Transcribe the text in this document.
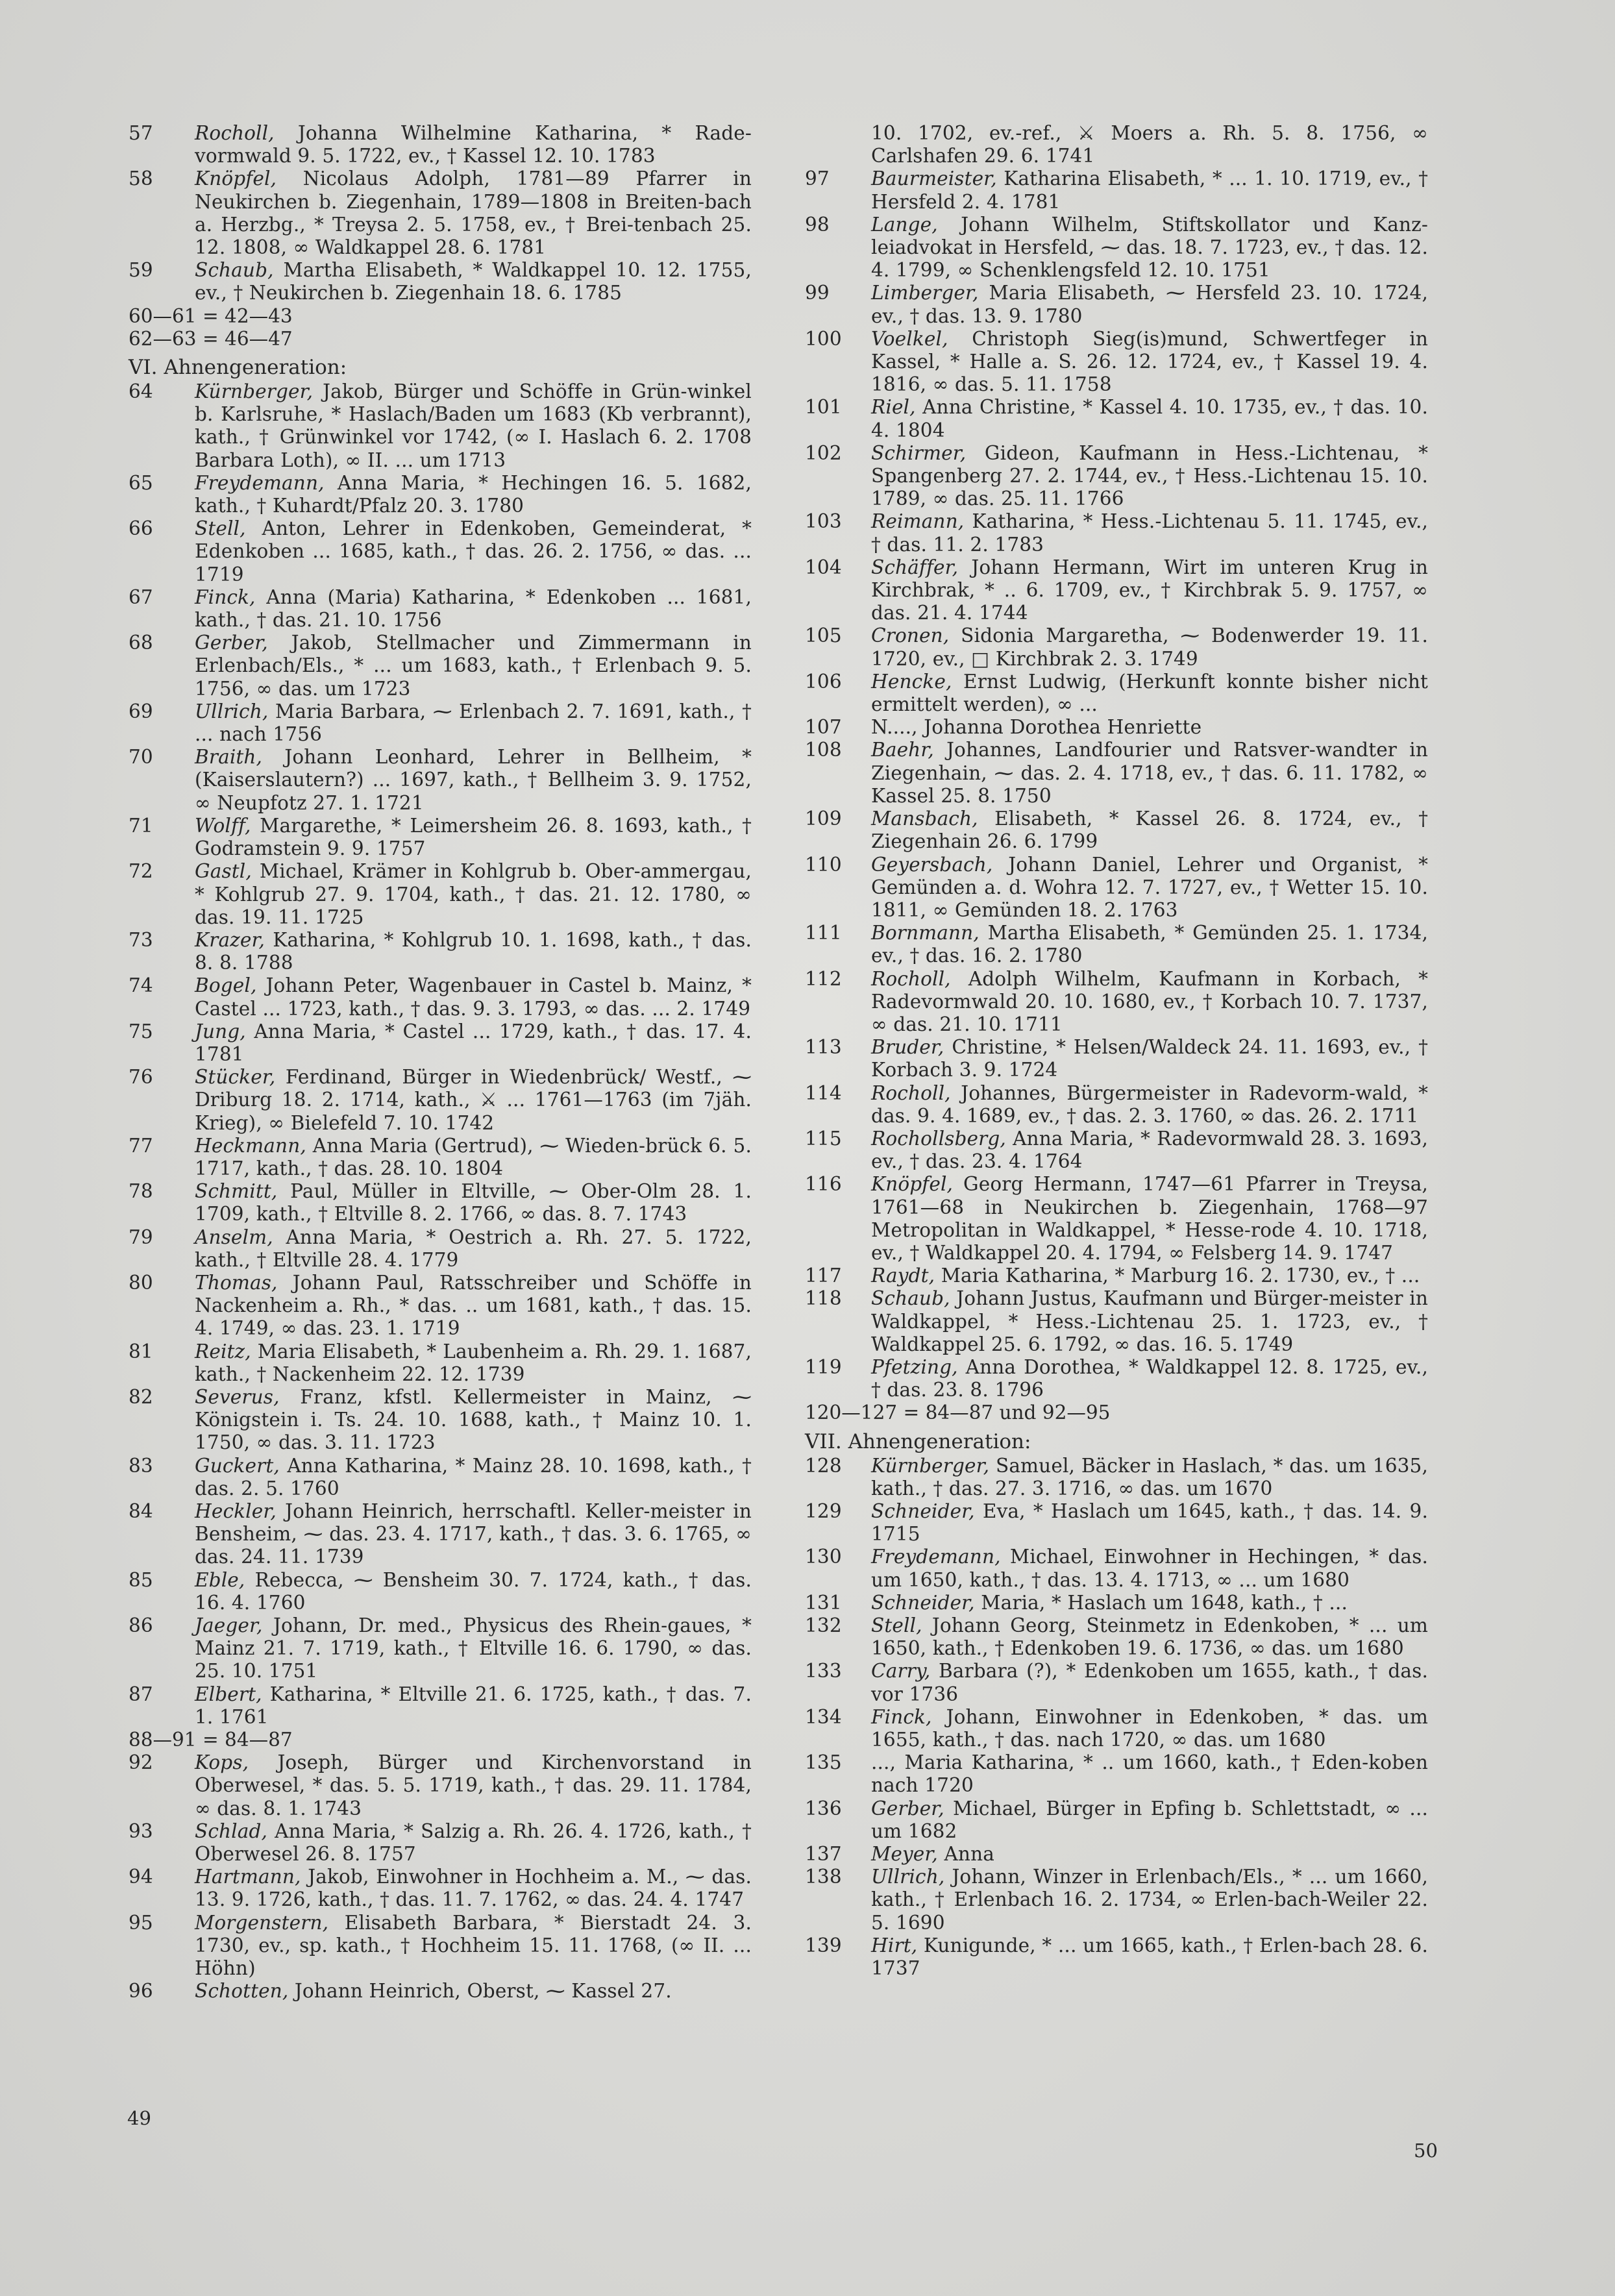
57	Rocholl, Johanna Wilhelmine Katharina, * Rade-vormwald 9. 5. 1722, ev., † Kassel 12. 10. 1783
58	Knöpfel, Nicolaus Adolph, 1781—89 Pfarrer in Neukirchen b. Ziegenhain, 1789—1808 in Breiten-bach a. Herzbg., * Treysa 2. 5. 1758, ev., † Brei-tenbach 25. 12. 1808, ∞ Waldkappel 28. 6. 1781
59	Schaub, Martha Elisabeth, * Waldkappel 10. 12. 1755, ev., † Neukirchen b. Ziegenhain 18. 6. 1785
60—61 = 42—43
62—63 = 46—47
VI. Ahnengeneration:
64	Kürnberger, Jakob, Bürger und Schöffe in Grün-winkel b. Karlsruhe, * Haslach/Baden um 1683 (Kb verbrannt), kath., † Grünwinkel vor 1742, (∞ I. Haslach 6. 2. 1708 Barbara Loth), ∞ II. ... um 1713
65	Freydemann, Anna Maria, * Hechingen 16. 5. 1682, kath., † Kuhardt/Pfalz 20. 3. 1780
66	Stell, Anton, Lehrer in Edenkoben, Gemeinderat, * Edenkoben ... 1685, kath., † das. 26. 2. 1756, ∞ das. ... 1719
67	Finck, Anna (Maria) Katharina, * Edenkoben ... 1681, kath., † das. 21. 10. 1756
68	Gerber, Jakob, Stellmacher und Zimmermann in Erlenbach/Els., * ... um 1683, kath., † Erlenbach 9. 5. 1756, ∞ das. um 1723
69	Ullrich, Maria Barbara, ⁓ Erlenbach 2. 7. 1691, kath., † ... nach 1756
70	Braith, Johann Leonhard, Lehrer in Bellheim, * (Kaiserslautern?) ... 1697, kath., † Bellheim 3. 9. 1752, ∞ Neupfotz 27. 1. 1721
71	Wolff, Margarethe, * Leimersheim 26. 8. 1693, kath., † Godramstein 9. 9. 1757
72	Gastl, Michael, Krämer in Kohlgrub b. Ober-ammergau, * Kohlgrub 27. 9. 1704, kath., † das. 21. 12. 1780, ∞ das. 19. 11. 1725
73	Krazer, Katharina, * Kohlgrub 10. 1. 1698, kath., † das. 8. 8. 1788
74	Bogel, Johann Peter, Wagenbauer in Castel b. Mainz, * Castel ... 1723, kath., † das. 9. 3. 1793, ∞ das. ... 2. 1749
75	Jung, Anna Maria, * Castel ... 1729, kath., † das. 17. 4. 1781
76	Stücker, Ferdinand, Bürger in Wiedenbrück/ Westf., ⁓ Driburg 18. 2. 1714, kath., ⚔ ... 1761—1763 (im 7jäh. Krieg), ∞ Bielefeld 7. 10. 1742
77	Heckmann, Anna Maria (Gertrud), ⁓ Wieden-brück 6. 5. 1717, kath., † das. 28. 10. 1804
78	Schmitt, Paul, Müller in Eltville, ⁓ Ober-Olm 28. 1. 1709, kath., † Eltville 8. 2. 1766, ∞ das. 8. 7. 1743
79	Anselm, Anna Maria, * Oestrich a. Rh. 27. 5. 1722, kath., † Eltville 28. 4. 1779
80	Thomas, Johann Paul, Ratsschreiber und Schöffe in Nackenheim a. Rh., * das. .. um 1681, kath., † das. 15. 4. 1749, ∞ das. 23. 1. 1719
81	Reitz, Maria Elisabeth, * Laubenheim a. Rh. 29. 1. 1687, kath., † Nackenheim 22. 12. 1739
82	Severus, Franz, kfstl. Kellermeister in Mainz, ⁓ Königstein i. Ts. 24. 10. 1688, kath., † Mainz 10. 1. 1750, ∞ das. 3. 11. 1723
83	Guckert, Anna Katharina, * Mainz 28. 10. 1698, kath., † das. 2. 5. 1760
84	Heckler, Johann Heinrich, herrschaftl. Keller-meister in Bensheim, ⁓ das. 23. 4. 1717, kath., † das. 3. 6. 1765, ∞ das. 24. 11. 1739
85	Eble, Rebecca, ⁓ Bensheim 30. 7. 1724, kath., † das. 16. 4. 1760
86	Jaeger, Johann, Dr. med., Physicus des Rhein-gaues, * Mainz 21. 7. 1719, kath., † Eltville 16. 6. 1790, ∞ das. 25. 10. 1751
87	Elbert, Katharina, * Eltville 21. 6. 1725, kath., † das. 7. 1. 1761
88—91 = 84—87
92	Kops, Joseph, Bürger und Kirchenvorstand in Oberwesel, * das. 5. 5. 1719, kath., † das. 29. 11. 1784, ∞ das. 8. 1. 1743
93	Schlad, Anna Maria, * Salzig a. Rh. 26. 4. 1726, kath., † Oberwesel 26. 8. 1757
94	Hartmann, Jakob, Einwohner in Hochheim a. M., ⁓ das. 13. 9. 1726, kath., † das. 11. 7. 1762, ∞ das. 24. 4. 1747
95	Morgenstern, Elisabeth Barbara, * Bierstadt 24. 3. 1730, ev., sp. kath., † Hochheim 15. 11. 1768, (∞ II. ... Höhn)
96	Schotten, Johann Heinrich, Oberst, ⁓ Kassel 27.
10. 1702, ev.-ref., ⚔ Moers a. Rh. 5. 8. 1756, ∞ Carlshafen 29. 6. 1741
97	Baurmeister, Katharina Elisabeth, * ... 1. 10. 1719, ev., † Hersfeld 2. 4. 1781
98	Lange, Johann Wilhelm, Stiftskollator und Kanz-leiadvokat in Hersfeld, ⁓ das. 18. 7. 1723, ev., † das. 12. 4. 1799, ∞ Schenklengsfeld 12. 10. 1751
99	Limberger, Maria Elisabeth, ⁓ Hersfeld 23. 10. 1724, ev., † das. 13. 9. 1780
100	Voelkel, Christoph Sieg(is)mund, Schwertfeger in Kassel, * Halle a. S. 26. 12. 1724, ev., † Kassel 19. 4. 1816, ∞ das. 5. 11. 1758
101	Riel, Anna Christine, * Kassel 4. 10. 1735, ev., † das. 10. 4. 1804
102	Schirmer, Gideon, Kaufmann in Hess.-Lichtenau, * Spangenberg 27. 2. 1744, ev., † Hess.-Lichtenau 15. 10. 1789, ∞ das. 25. 11. 1766
103	Reimann, Katharina, * Hess.-Lichtenau 5. 11. 1745, ev., † das. 11. 2. 1783
104	Schäffer, Johann Hermann, Wirt im unteren Krug in Kirchbrak, * .. 6. 1709, ev., † Kirchbrak 5. 9. 1757, ∞ das. 21. 4. 1744
105	Cronen, Sidonia Margaretha, ⁓ Bodenwerder 19. 11. 1720, ev., □ Kirchbrak 2. 3. 1749
106	Hencke, Ernst Ludwig, (Herkunft konnte bisher nicht ermittelt werden), ∞ ...
107	N...., Johanna Dorothea Henriette
108	Baehr, Johannes, Landfourier und Ratsver-wandter in Ziegenhain, ⁓ das. 2. 4. 1718, ev., † das. 6. 11. 1782, ∞ Kassel 25. 8. 1750
109	Mansbach, Elisabeth, * Kassel 26. 8. 1724, ev., † Ziegenhain 26. 6. 1799
110	Geyersbach, Johann Daniel, Lehrer und Organist, * Gemünden a. d. Wohra 12. 7. 1727, ev., † Wetter 15. 10. 1811, ∞ Gemünden 18. 2. 1763
111	Bornmann, Martha Elisabeth, * Gemünden 25. 1. 1734, ev., † das. 16. 2. 1780
112	Rocholl, Adolph Wilhelm, Kaufmann in Korbach, * Radevormwald 20. 10. 1680, ev., † Korbach 10. 7. 1737, ∞ das. 21. 10. 1711
113	Bruder, Christine, * Helsen/Waldeck 24. 11. 1693, ev., † Korbach 3. 9. 1724
114	Rocholl, Johannes, Bürgermeister in Radevorm-wald, * das. 9. 4. 1689, ev., † das. 2. 3. 1760, ∞ das. 26. 2. 1711
115	Rochollsberg, Anna Maria, * Radevormwald 28. 3. 1693, ev., † das. 23. 4. 1764
116	Knöpfel, Georg Hermann, 1747—61 Pfarrer in Treysa, 1761—68 in Neukirchen b. Ziegenhain, 1768—97 Metropolitan in Waldkappel, * Hesse-rode 4. 10. 1718, ev., † Waldkappel 20. 4. 1794, ∞ Felsberg 14. 9. 1747
117	Raydt, Maria Katharina, * Marburg 16. 2. 1730, ev., † ...
118	Schaub, Johann Justus, Kaufmann und Bürger-meister in Waldkappel, * Hess.-Lichtenau 25. 1. 1723, ev., † Waldkappel 25. 6. 1792, ∞ das. 16. 5. 1749
119	Pfetzing, Anna Dorothea, * Waldkappel 12. 8. 1725, ev., † das. 23. 8. 1796
120—127 = 84—87 und 92—95
VII. Ahnengeneration:
128	Kürnberger, Samuel, Bäcker in Haslach, * das. um 1635, kath., † das. 27. 3. 1716, ∞ das. um 1670
129	Schneider, Eva, * Haslach um 1645, kath., † das. 14. 9. 1715
130	Freydemann, Michael, Einwohner in Hechingen, * das. um 1650, kath., † das. 13. 4. 1713, ∞ ... um 1680
131	Schneider, Maria, * Haslach um 1648, kath., † ...
132	Stell, Johann Georg, Steinmetz in Edenkoben, * ... um 1650, kath., † Edenkoben 19. 6. 1736, ∞ das. um 1680
133	Carry, Barbara (?), * Edenkoben um 1655, kath., † das. vor 1736
134	Finck, Johann, Einwohner in Edenkoben, * das. um 1655, kath., † das. nach 1720, ∞ das. um 1680
135	..., Maria Katharina, * .. um 1660, kath., † Eden-koben nach 1720
136	Gerber, Michael, Bürger in Epfing b. Schlettstadt, ∞ ... um 1682
137	Meyer, Anna
138	Ullrich, Johann, Winzer in Erlenbach/Els., * ... um 1660, kath., † Erlenbach 16. 2. 1734, ∞ Erlen-bach-Weiler 22. 5. 1690
139	Hirt, Kunigunde, * ... um 1665, kath., † Erlen-bach 28. 6. 1737
49
50
